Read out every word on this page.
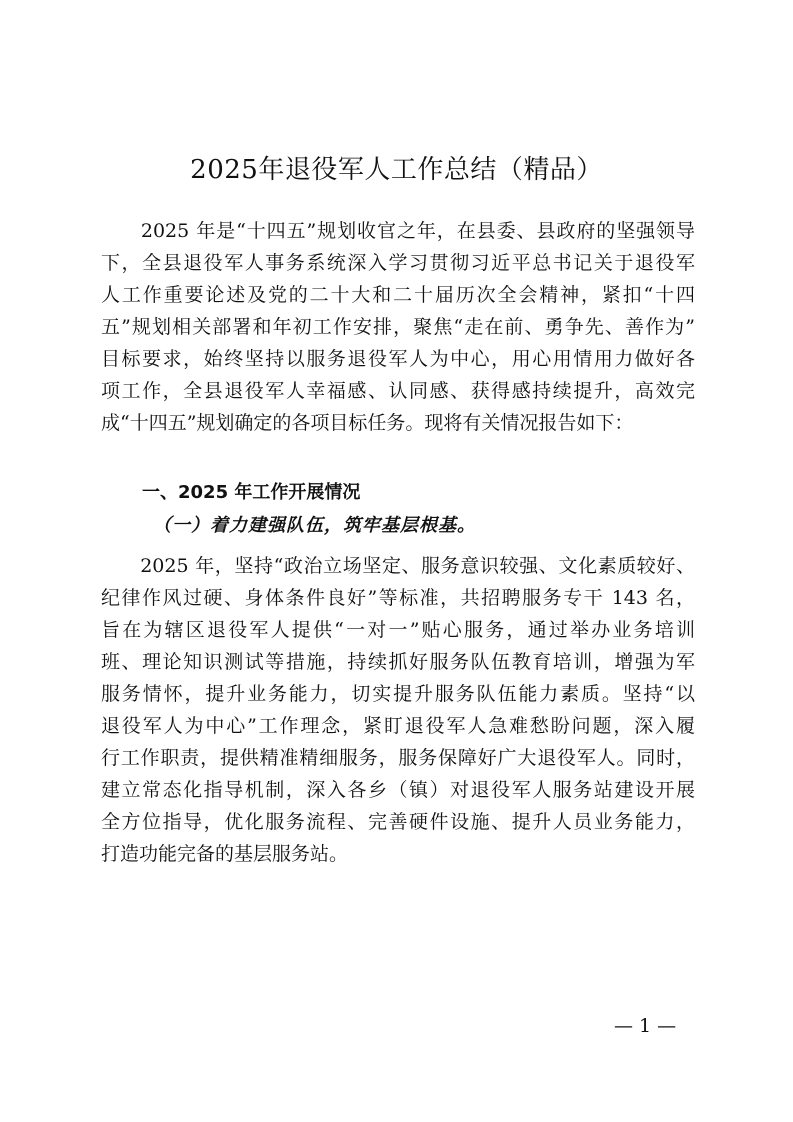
2025年退役军人工作总结（精品）
　　2025 年是“十四五”规划收官之年，在县委、县政府的坚强领导
下，全县退役军人事务系统深入学习贯彻习近平总书记关于退役军
人工作重要论述及党的二十大和二十届历次全会精神，紧扣“十四
五”规划相关部署和年初工作安排，聚焦“走在前、勇争先、善作为”
目标要求，始终坚持以服务退役军人为中心，用心用情用力做好各
项工作，全县退役军人幸福感、认同感、获得感持续提升，高效完
成“十四五”规划确定的各项目标任务。现将有关情况报告如下：
一、2025 年工作开展情况
（一）着力建强队伍，筑牢基层根基。
　　2025 年，坚持“政治立场坚定、服务意识较强、文化素质较好、
纪律作风过硬、身体条件良好”等标准，共招聘服务专干 143 名，
旨在为辖区退役军人提供“一对一”贴心服务，通过举办业务培训
班、理论知识测试等措施，持续抓好服务队伍教育培训，增强为军
服务情怀，提升业务能力，切实提升服务队伍能力素质。坚持“以
退役军人为中心”工作理念，紧盯退役军人急难愁盼问题，深入履
行工作职责，提供精准精细服务，服务保障好广大退役军人。同时，
建立常态化指导机制，深入各乡（镇）对退役军人服务站建设开展
全方位指导，优化服务流程、完善硬件设施、提升人员业务能力，
打造功能完备的基层服务站。
— 1 —
